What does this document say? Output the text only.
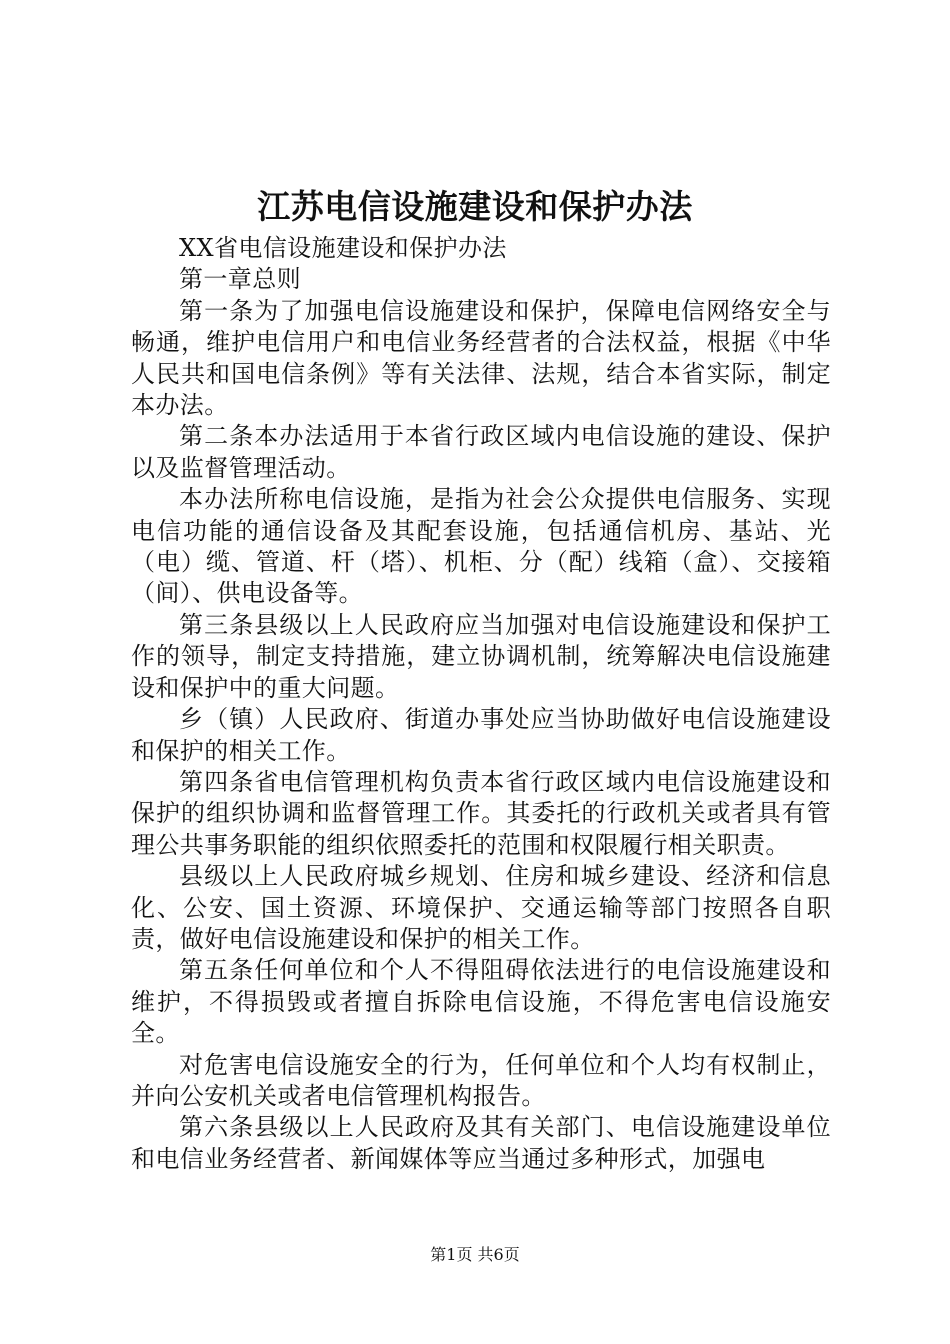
江苏电信设施建设和保护办法

XX省电信设施建设和保护办法

第一章总则

第一条为了加强电信设施建设和保护，保障电信网络安全与畅通，维护电信用户和电信业务经营者的合法权益，根据《中华人民共和国电信条例》等有关法律、法规，结合本省实际，制定本办法。

第二条本办法适用于本省行政区域内电信设施的建设、保护以及监督管理活动。

本办法所称电信设施，是指为社会公众提供电信服务、实现电信功能的通信设备及其配套设施，包括通信机房、基站、光（电）缆、管道、杆（塔）、机柜、分（配）线箱（盒）、交接箱（间）、供电设备等。

第三条县级以上人民政府应当加强对电信设施建设和保护工作的领导，制定支持措施，建立协调机制，统筹解决电信设施建设和保护中的重大问题。

乡（镇）人民政府、街道办事处应当协助做好电信设施建设和保护的相关工作。

第四条省电信管理机构负责本省行政区域内电信设施建设和保护的组织协调和监督管理工作。其委托的行政机关或者具有管理公共事务职能的组织依照委托的范围和权限履行相关职责。

县级以上人民政府城乡规划、住房和城乡建设、经济和信息化、公安、国土资源、环境保护、交通运输等部门按照各自职责，做好电信设施建设和保护的相关工作。

第五条任何单位和个人不得阻碍依法进行的电信设施建设和维护，不得损毁或者擅自拆除电信设施，不得危害电信设施安全。

对危害电信设施安全的行为，任何单位和个人均有权制止，并向公安机关或者电信管理机构报告。

第六条县级以上人民政府及其有关部门、电信设施建设单位和电信业务经营者、新闻媒体等应当通过多种形式，加强电

第1页 共6页
